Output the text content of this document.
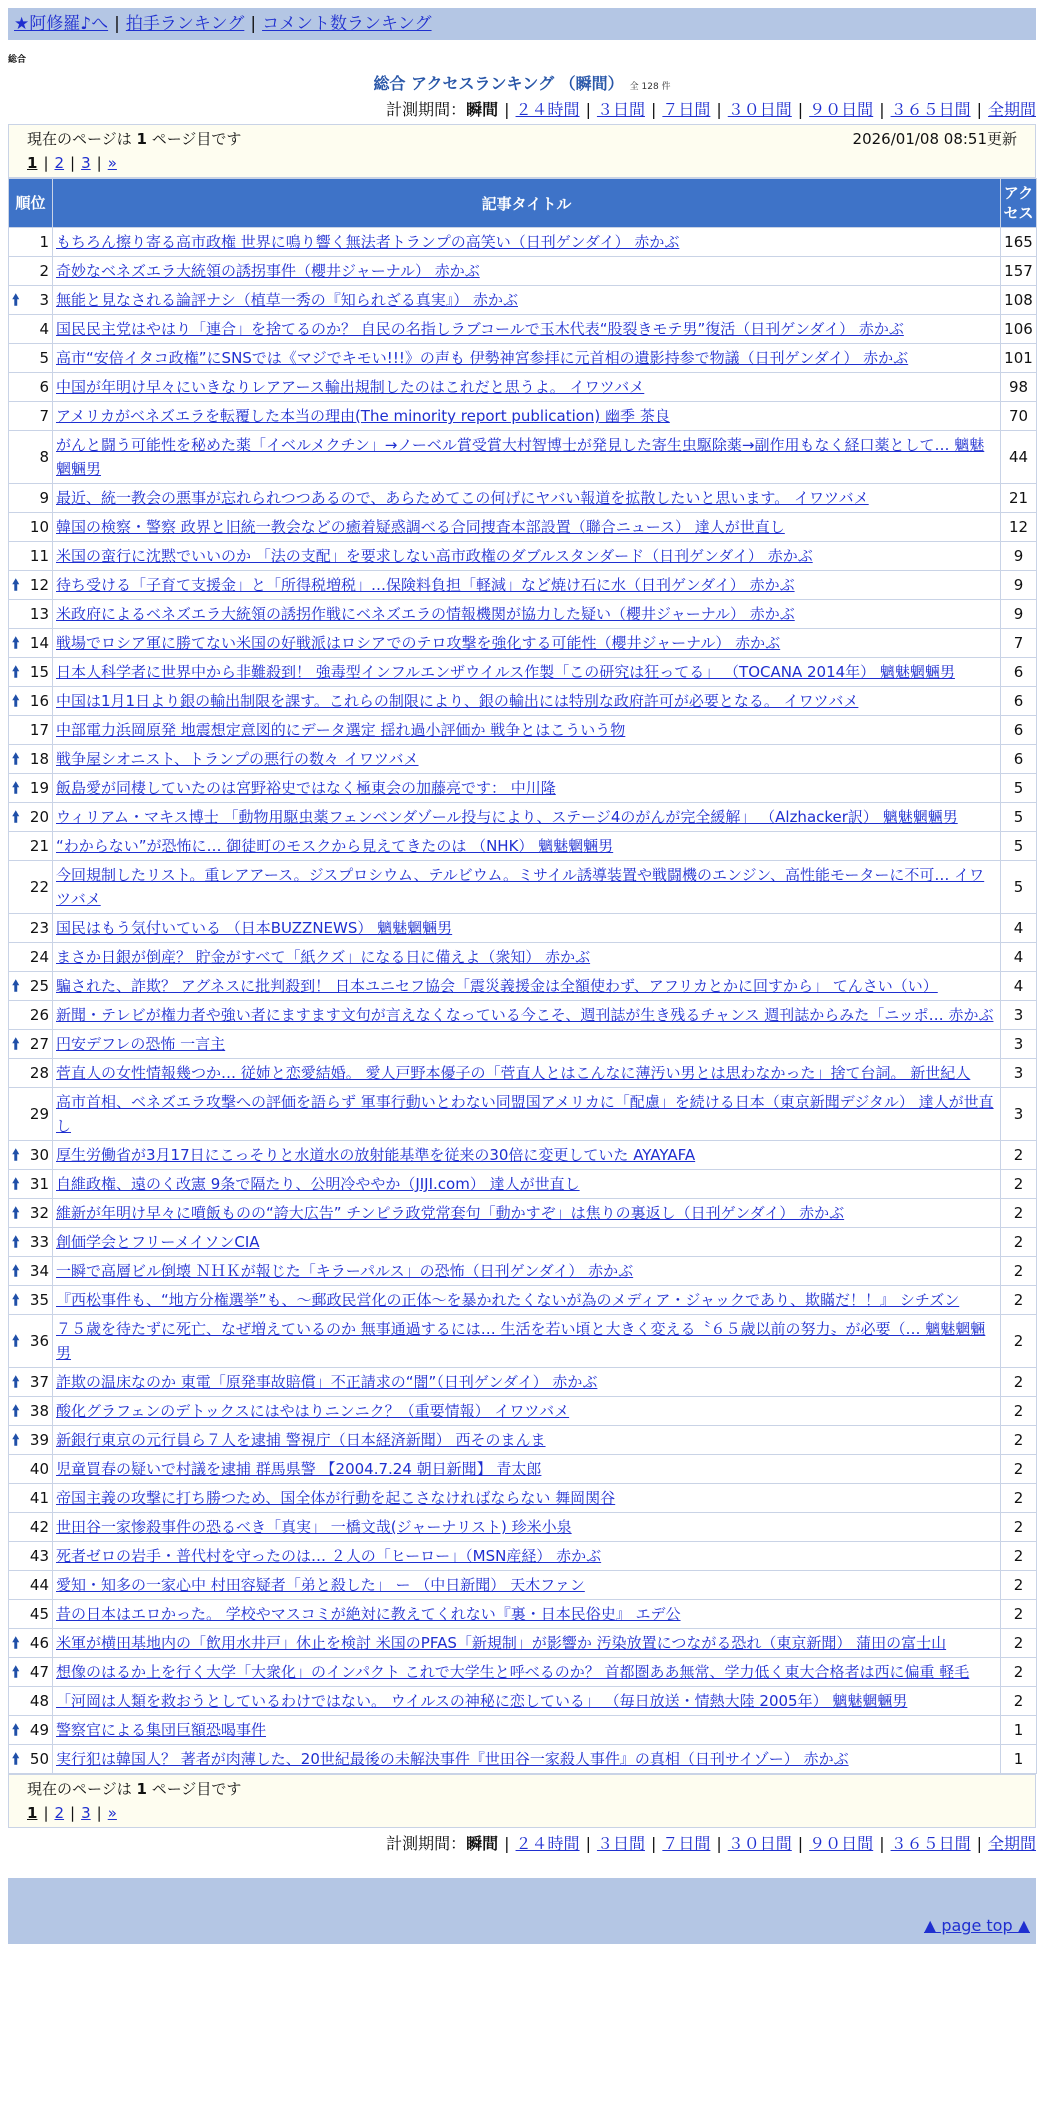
★阿修羅♪へ | 拍手ランキング | コメント数ランキング
総合
総合 アクセスランキング （瞬間） 全 128 件
計測期間：瞬間 | ２４時間 | ３日間 | ７日間 | ３０日間 | ９０日間 | ３６５日間 | 全期間
現在のページは 1 ページ目です	2026/01/08 08:51更新
1 | 2 | 3 | »
順位	記事タイトル	アクセス
1	もちろん擦り寄る高市政権 世界に鳴り響く無法者トランプの高笑い（日刊ゲンダイ） 赤かぶ	165
2	奇妙なベネズエラ大統領の誘拐事件（櫻井ジャーナル） 赤かぶ	157

🠙 3	無能と見なされる論評ナシ（植草一秀の『知られざる真実』） 赤かぶ	108
4	国民民主党はやはり「連合」を捨てるのか？ 自民の名指しラブコールで玉木代表“股裂きモテ男”復活（日刊ゲンダイ） 赤かぶ	106
5	高市“安倍イタコ政権”にSNSでは《マジでキモい!!!》の声も 伊勢神宮参拝に元首相の遺影持参で物議（日刊ゲンダイ） 赤かぶ	101
6	中国が年明け早々にいきなりレアアース輸出規制したのはこれだと思うよ。 イワツバメ	98
7	アメリカがベネズエラを転覆した本当の理由(The minority report publication) 幽季 茶良	70
8	がんと闘う可能性を秘めた薬「イベルメクチン」→ノーベル賞受賞大村智博士が発見した寄生虫駆除薬→副作用もなく経口薬として… 魑魅魍魎男	44
9	最近、統一教会の悪事が忘れられつつあるので、あらためてこの何げにヤバい報道を拡散したいと思います。 イワツバメ	21
10	韓国の検察・警察 政界と旧統一教会などの癒着疑惑調べる合同捜査本部設置（聯合ニュース） 達人が世直し	12
11	米国の蛮行に沈黙でいいのか 「法の支配」を要求しない高市政権のダブルスタンダード（日刊ゲンダイ） 赤かぶ	9

🠙 12	待ち受ける「子育て支援金」と「所得税増税」…保険料負担「軽減」など焼け石に水（日刊ゲンダイ） 赤かぶ	9
13	米政府によるベネズエラ大統領の誘拐作戦にベネズエラの情報機関が協力した疑い（櫻井ジャーナル） 赤かぶ	9

🠙 14	戦場でロシア軍に勝てない米国の好戦派はロシアでのテロ攻撃を強化する可能性（櫻井ジャーナル） 赤かぶ	7

🠙 15	日本人科学者に世界中から非難殺到！ 強毒型インフルエンザウイルス作製「この研究は狂ってる」 （TOCANA 2014年） 魑魅魍魎男	6

🠙 16	中国は1月1日より銀の輸出制限を課す。これらの制限により、銀の輸出には特別な政府許可が必要となる。 イワツバメ	6
17	中部電力浜岡原発 地震想定意図的にデータ選定 揺れ過小評価か 戦争とはこういう物	6

🠙 18	戦争屋シオニスト、トランプの悪行の数々 イワツバメ	6

🠙 19	飯島愛が同棲していたのは宮野裕史ではなく極東会の加藤亮です： 中川隆	5

🠙 20	ウィリアム・マキス博士 「動物用駆虫薬フェンベンダゾール投与により、ステージ4のがんが完全緩解」 （Alzhacker訳） 魑魅魍魎男	5
21	“わからない”が恐怖に… 御徒町のモスクから見えてきたのは （NHK） 魑魅魍魎男	5
22	今回規制したリスト。重レアアース。ジスプロシウム、テルビウム。ミサイル誘導装置や戦闘機のエンジン、高性能モーターに不可… イワツバメ	5
23	国民はもう気付いている （日本BUZZNEWS） 魑魅魍魎男	4
24	まさか日銀が倒産？ 貯金がすべて「紙クズ」になる日に備えよ（衆知） 赤かぶ	4

🠙 25	騙された、詐欺？ アグネスに批判殺到！ 日本ユニセフ協会「震災義援金は全額使わず、アフリカとかに回すから」 てんさい（い）	4
26	新聞・テレビが権力者や強い者にますます文句が言えなくなっている今こそ、週刊誌が生き残るチャンス 週刊誌からみた「ニッポ… 赤かぶ	3

🠙 27	円安デフレの恐怖 一言主	3
28	菅直人の女性情報幾つか… 従姉と恋愛結婚。 愛人戸野本優子の「菅直人とはこんなに薄汚い男とは思わなかった」捨て台詞。 新世紀人	3
29	高市首相、ベネズエラ攻撃への評価を語らず 軍事行動いとわない同盟国アメリカに「配慮」を続ける日本（東京新聞デジタル） 達人が世直し	3

🠙 30	厚生労働省が3月17日にこっそりと水道水の放射能基準を従来の30倍に変更していた AYAYAFA	2

🠙 31	自維政権、遠のく改憲 9条で隔たり、公明冷ややか（JIJI.com） 達人が世直し	2

🠙 32	維新が年明け早々に噴飯ものの“誇大広告” チンピラ政党常套句「動かすぞ」は焦りの裏返し（日刊ゲンダイ） 赤かぶ	2

🠙 33	創価学会とフリーメイソンCIA	2

🠙 34	一瞬で高層ビル倒壊 ＮＨＫが報じた「キラーパルス」の恐怖（日刊ゲンダイ） 赤かぶ	2

🠙 35	『西松事件も、“地方分権選挙”も、〜郵政民営化の正体〜を暴かれたくないが為のメディア・ジャックであり、欺瞞だ！！』 シチズン	2

🠙 36	７５歳を待たずに死亡、なぜ増えているのか 無事通過するには… 生活を若い頃と大きく変える〝６５歳以前の努力〟が必要（… 魑魅魍魎男	2

🠙 37	詐欺の温床なのか 東電「原発事故賠償」不正請求の“闇”（日刊ゲンダイ） 赤かぶ	2

🠙 38	酸化グラフェンのデトックスにはやはりニンニク？（重要情報） イワツバメ	2

🠙 39	新銀行東京の元行員ら７人を逮捕 警視庁（日本経済新聞） 西そのまんま	2
40	児童買春の疑いで村議を逮捕 群馬県警 【2004.7.24 朝日新聞】 青太郎	2
41	帝国主義の攻撃に打ち勝つため、国全体が行動を起こさなければならない 舞岡関谷	2
42	世田谷一家惨殺事件の恐るべき「真実」 一橋文哉(ジャーナリスト) 珍米小泉	2
43	死者ゼロの岩手・普代村を守ったのは… ２人の「ヒーロー」（MSN産経） 赤かぶ	2
44	愛知・知多の一家心中 村田容疑者「弟と殺した」 ー （中日新聞） 天木ファン	2
45	昔の日本はエロかった。 学校やマスコミが絶対に教えてくれない『裏・日本民俗史』 エデ公	2

🠙 46	米軍が横田基地内の「飲用水井戸」休止を検討 米国のPFAS「新規制」が影響か 汚染放置につながる恐れ（東京新聞） 蒲田の富士山	2

🠙 47	想像のはるか上を行く大学「大衆化」のインパクト これで大学生と呼べるのか？ 首都圏ああ無常、学力低く東大合格者は西に偏重 軽毛	2
48	「河岡は人類を救おうとしているわけではない。 ウイルスの神秘に恋している」 （毎日放送・情熱大陸 2005年） 魑魅魍魎男	2

🠙 49	警察官による集団巨額恐喝事件	1

🠙 50	実行犯は韓国人？ 著者が肉薄した、20世紀最後の未解決事件『世田谷一家殺人事件』の真相（日刊サイゾー） 赤かぶ	1
現在のページは 1 ページ目です
1 | 2 | 3 | »
計測期間：瞬間 | ２４時間 | ３日間 | ７日間 | ３０日間 | ９０日間 | ３６５日間 | 全期間
▲ page top ▲
